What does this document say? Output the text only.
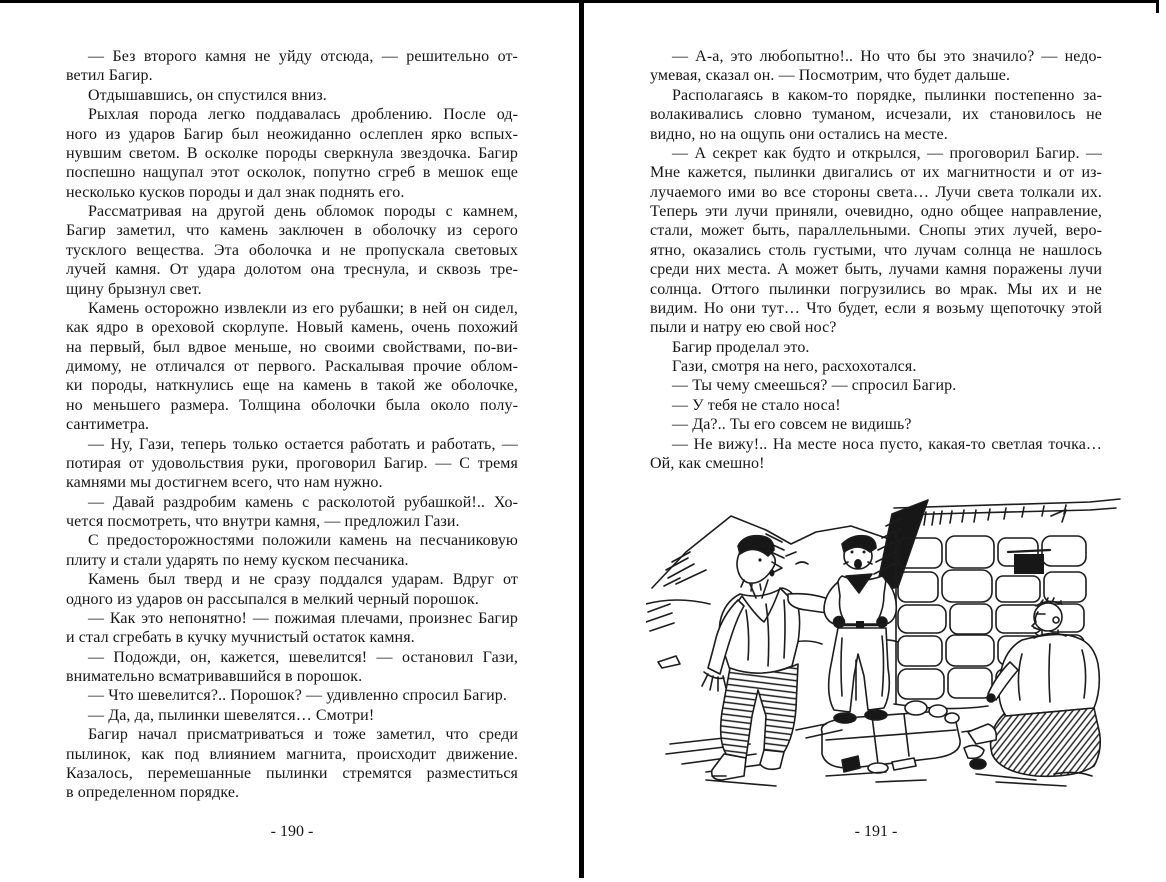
— Без второго камня не уйду отсюда, — решительно от-
ветил Багир.
Отдышавшись, он спустился вниз.
Рыхлая порода легко поддавалась дроблению. После од-
ного из ударов Багир был неожиданно ослеплен ярко вспых-
нувшим светом. В осколке породы сверкнула звездочка. Багир
поспешно нащупал этот осколок, попутно сгреб в мешок еще
несколько кусков породы и дал знак поднять его.
Рассматривая на другой день обломок породы с камнем,
Багир заметил, что камень заключен в оболочку из серого
тусклого вещества. Эта оболочка и не пропускала световых
лучей камня. От удара долотом она треснула, и сквозь тре-
щину брызнул свет.
Камень осторожно извлекли из его рубашки; в ней он сидел,
как ядро в ореховой скорлупе. Новый камень, очень похожий
на первый, был вдвое меньше, но своими свойствами, по-ви-
димому, не отличался от первого. Раскалывая прочие облом-
ки породы, наткнулись еще на камень в такой же оболочке,
но меньшего размера. Толщина оболочки была около полу-
сантиметра.
— Ну, Гази, теперь только остается работать и работать, —
потирая от удовольствия руки, проговорил Багир. — С тремя
камнями мы достигнем всего, что нам нужно.
— Давай раздробим камень с расколотой рубашкой!.. Хо-
чется посмотреть, что внутри камня, — предложил Гази.
С предосторожностями положили камень на песчаниковую
плиту и стали ударять по нему куском песчаника.
Камень был тверд и не сразу поддался ударам. Вдруг от
одного из ударов он рассыпался в мелкий черный порошок.
— Как это непонятно! — пожимая плечами, произнес Багир
и стал сгребать в кучку мучнистый остаток камня.
— Подожди, он, кажется, шевелится! — остановил Гази,
внимательно всматривавшийся в порошок.
— Что шевелится?.. Порошок? — удивленно спросил Багир.
— Да, да, пылинки шевелятся… Смотри!
Багир начал присматриваться и тоже заметил, что среди
пылинок, как под влиянием магнита, происходит движение.
Казалось, перемешанные пылинки стремятся разместиться
в определенном порядке.
- 190 -
— А-а, это любопытно!.. Но что бы это значило? — недо-
умевая, сказал он. — Посмотрим, что будет дальше.
Располагаясь в каком-то порядке, пылинки постепенно за-
волакивались словно туманом, исчезали, их становилось не
видно, но на ощупь они остались на месте.
— А секрет как будто и открылся, — проговорил Багир. —
Мне кажется, пылинки двигались от их магнитности и от из-
лучаемого ими во все стороны света… Лучи света толкали их.
Теперь эти лучи приняли, очевидно, одно общее направление,
стали, может быть, параллельными. Снопы этих лучей, веро-
ятно, оказались столь густыми, что лучам солнца не нашлось
среди них места. А может быть, лучами камня поражены лучи
солнца. Оттого пылинки погрузились во мрак. Мы их и не
видим. Но они тут… Что будет, если я возьму щепоточку этой
пыли и натру ею свой нос?
Багир проделал это.
Гази, смотря на него, расхохотался.
— Ты чему смеешься? — спросил Багир.
— У тебя не стало носа!
— Да?.. Ты его совсем не видишь?
— Не вижу!.. На месте носа пусто, какая-то светлая точка…
Ой, как смешно!
- 191 -
